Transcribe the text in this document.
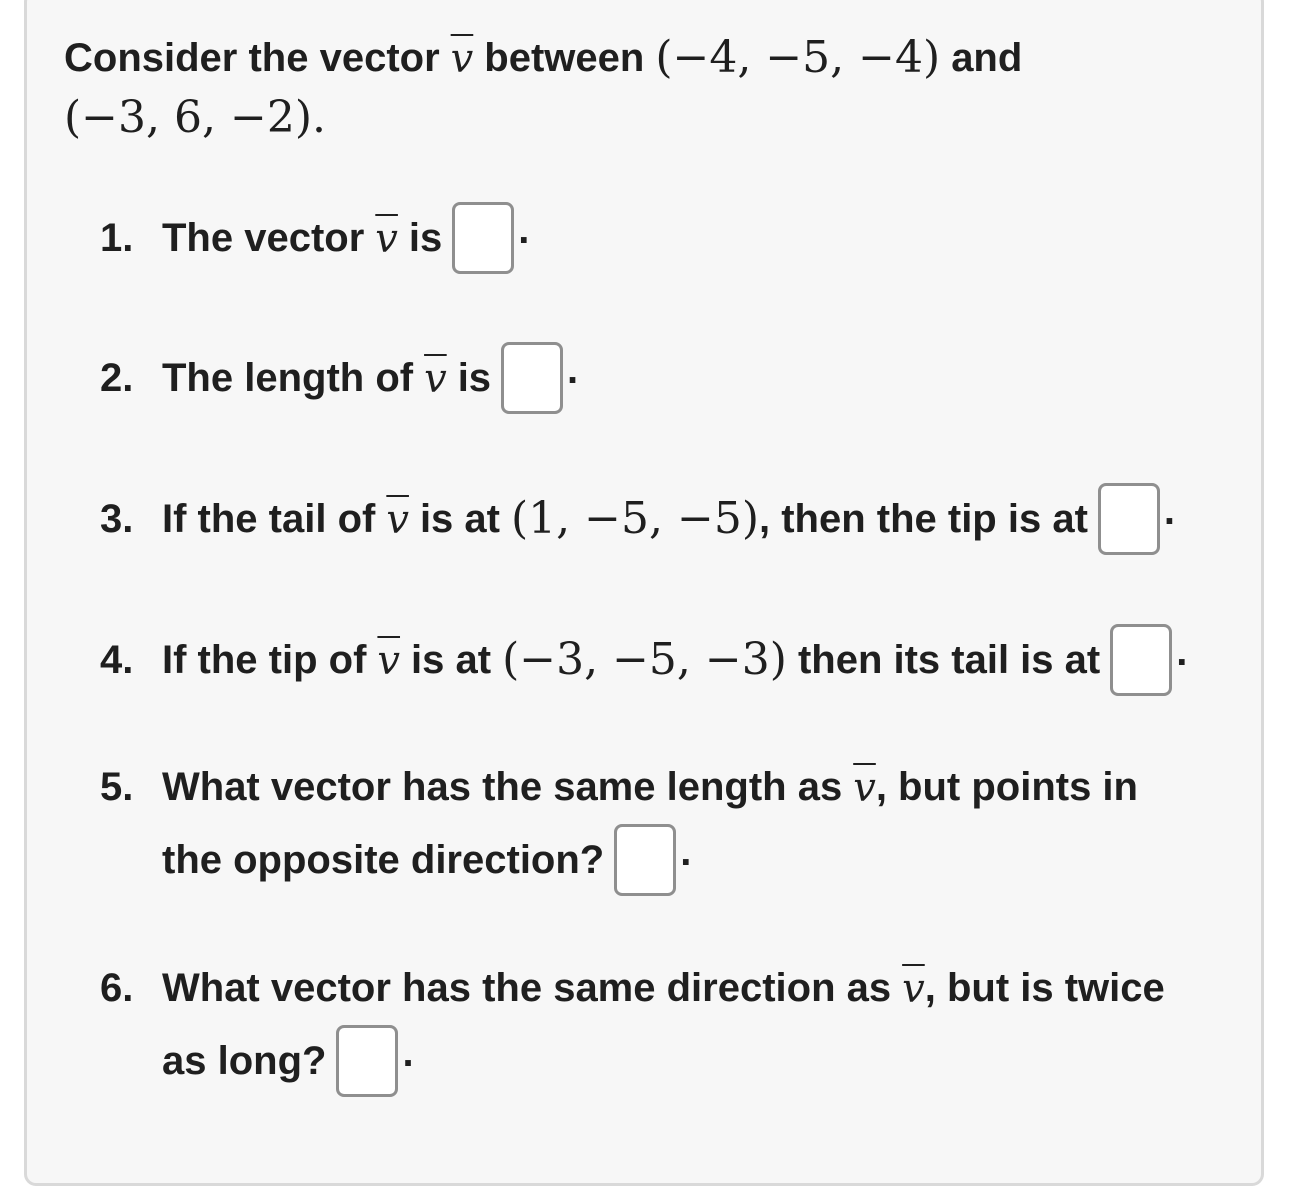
Consider the vector $\overline{v}$ between (−4, −5, −4) and
(−3, 6, −2).
1. The vector $\overline{v}$ is .
2. The length of $\overline{v}$ is .
3. If the tail of $\overline{v}$ is at (1, −5, −5) , then the tip is at .
4. If the tip of $\overline{v}$ is at (−3, −5, −3) then its tail is at .
5. What vector has the same length as $\overline{v}$ , but points in
the opposite direction? .
6. What vector has the same direction as $\overline{v}$ , but is twice
as long? .
